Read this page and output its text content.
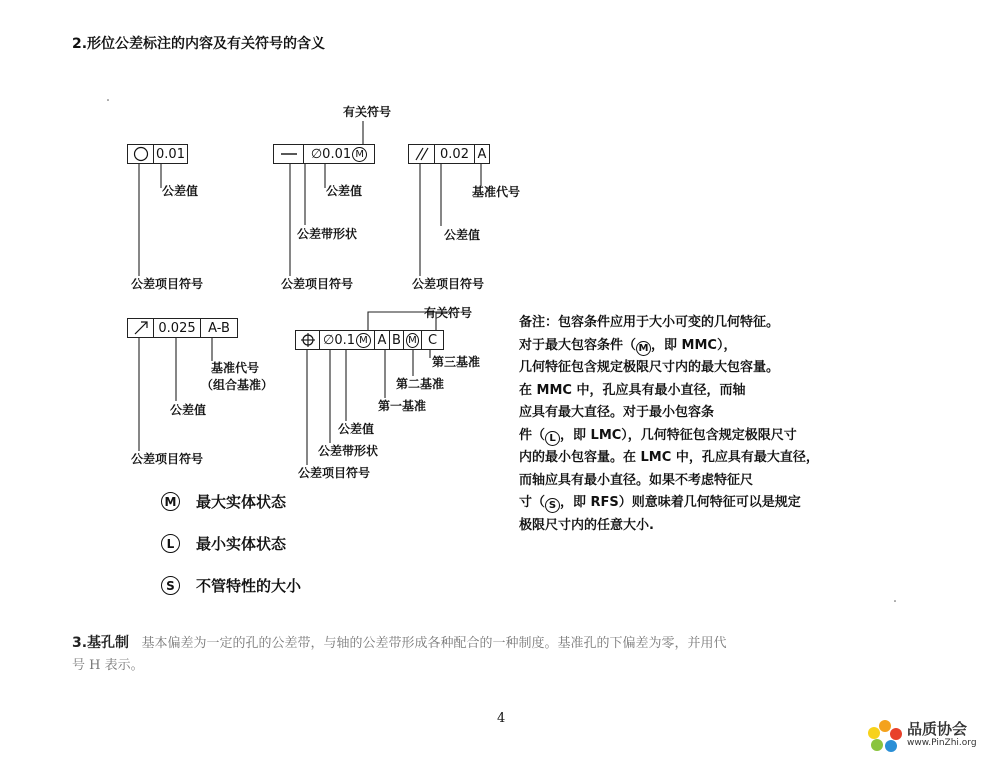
2.形位公差标注的内容及有关符号的含义
0.01
公差值
公差项目符号
有关符号
∅0.01 M
公差值
公差带形状
公差项目符号
0.02 A
基准代号
公差值
公差项目符号
0.025 A-B
基准代号
（组合基准）
公差值
公差项目符号
有关符号
∅0.1 M A B M C
第三基准
第二基准
第一基准
公差值
公差带形状
公差项目符号
M 最大实体状态
L	最小实体状态
S	不管特性的大小
备注：包容条件应用于大小可变的几何特征。
对于最大包容条件（ M ，即 MMC），
几何特征包含规定极限尺寸内的最大包容量。
在 MMC 中，孔应具有最小直径，而轴
应具有最大直径。对于最小包容条
件（ L ，即 LMC），几何特征包含规定极限尺寸
内的最小包容量。在 LMC 中，孔应具有最大直径，
而轴应具有最小直径。如果不考虑特征尺
寸（ S ，即 RFS）则意味着几何特征可以是规定
极限尺寸内的任意大小.
3.基孔制 基本偏差为一定的孔的公差带，与轴的公差带形成各种配合的一种制度。基准孔的下偏差为零，并用代
号 H 表示。
4
品质协会
www.PinZhi.org
